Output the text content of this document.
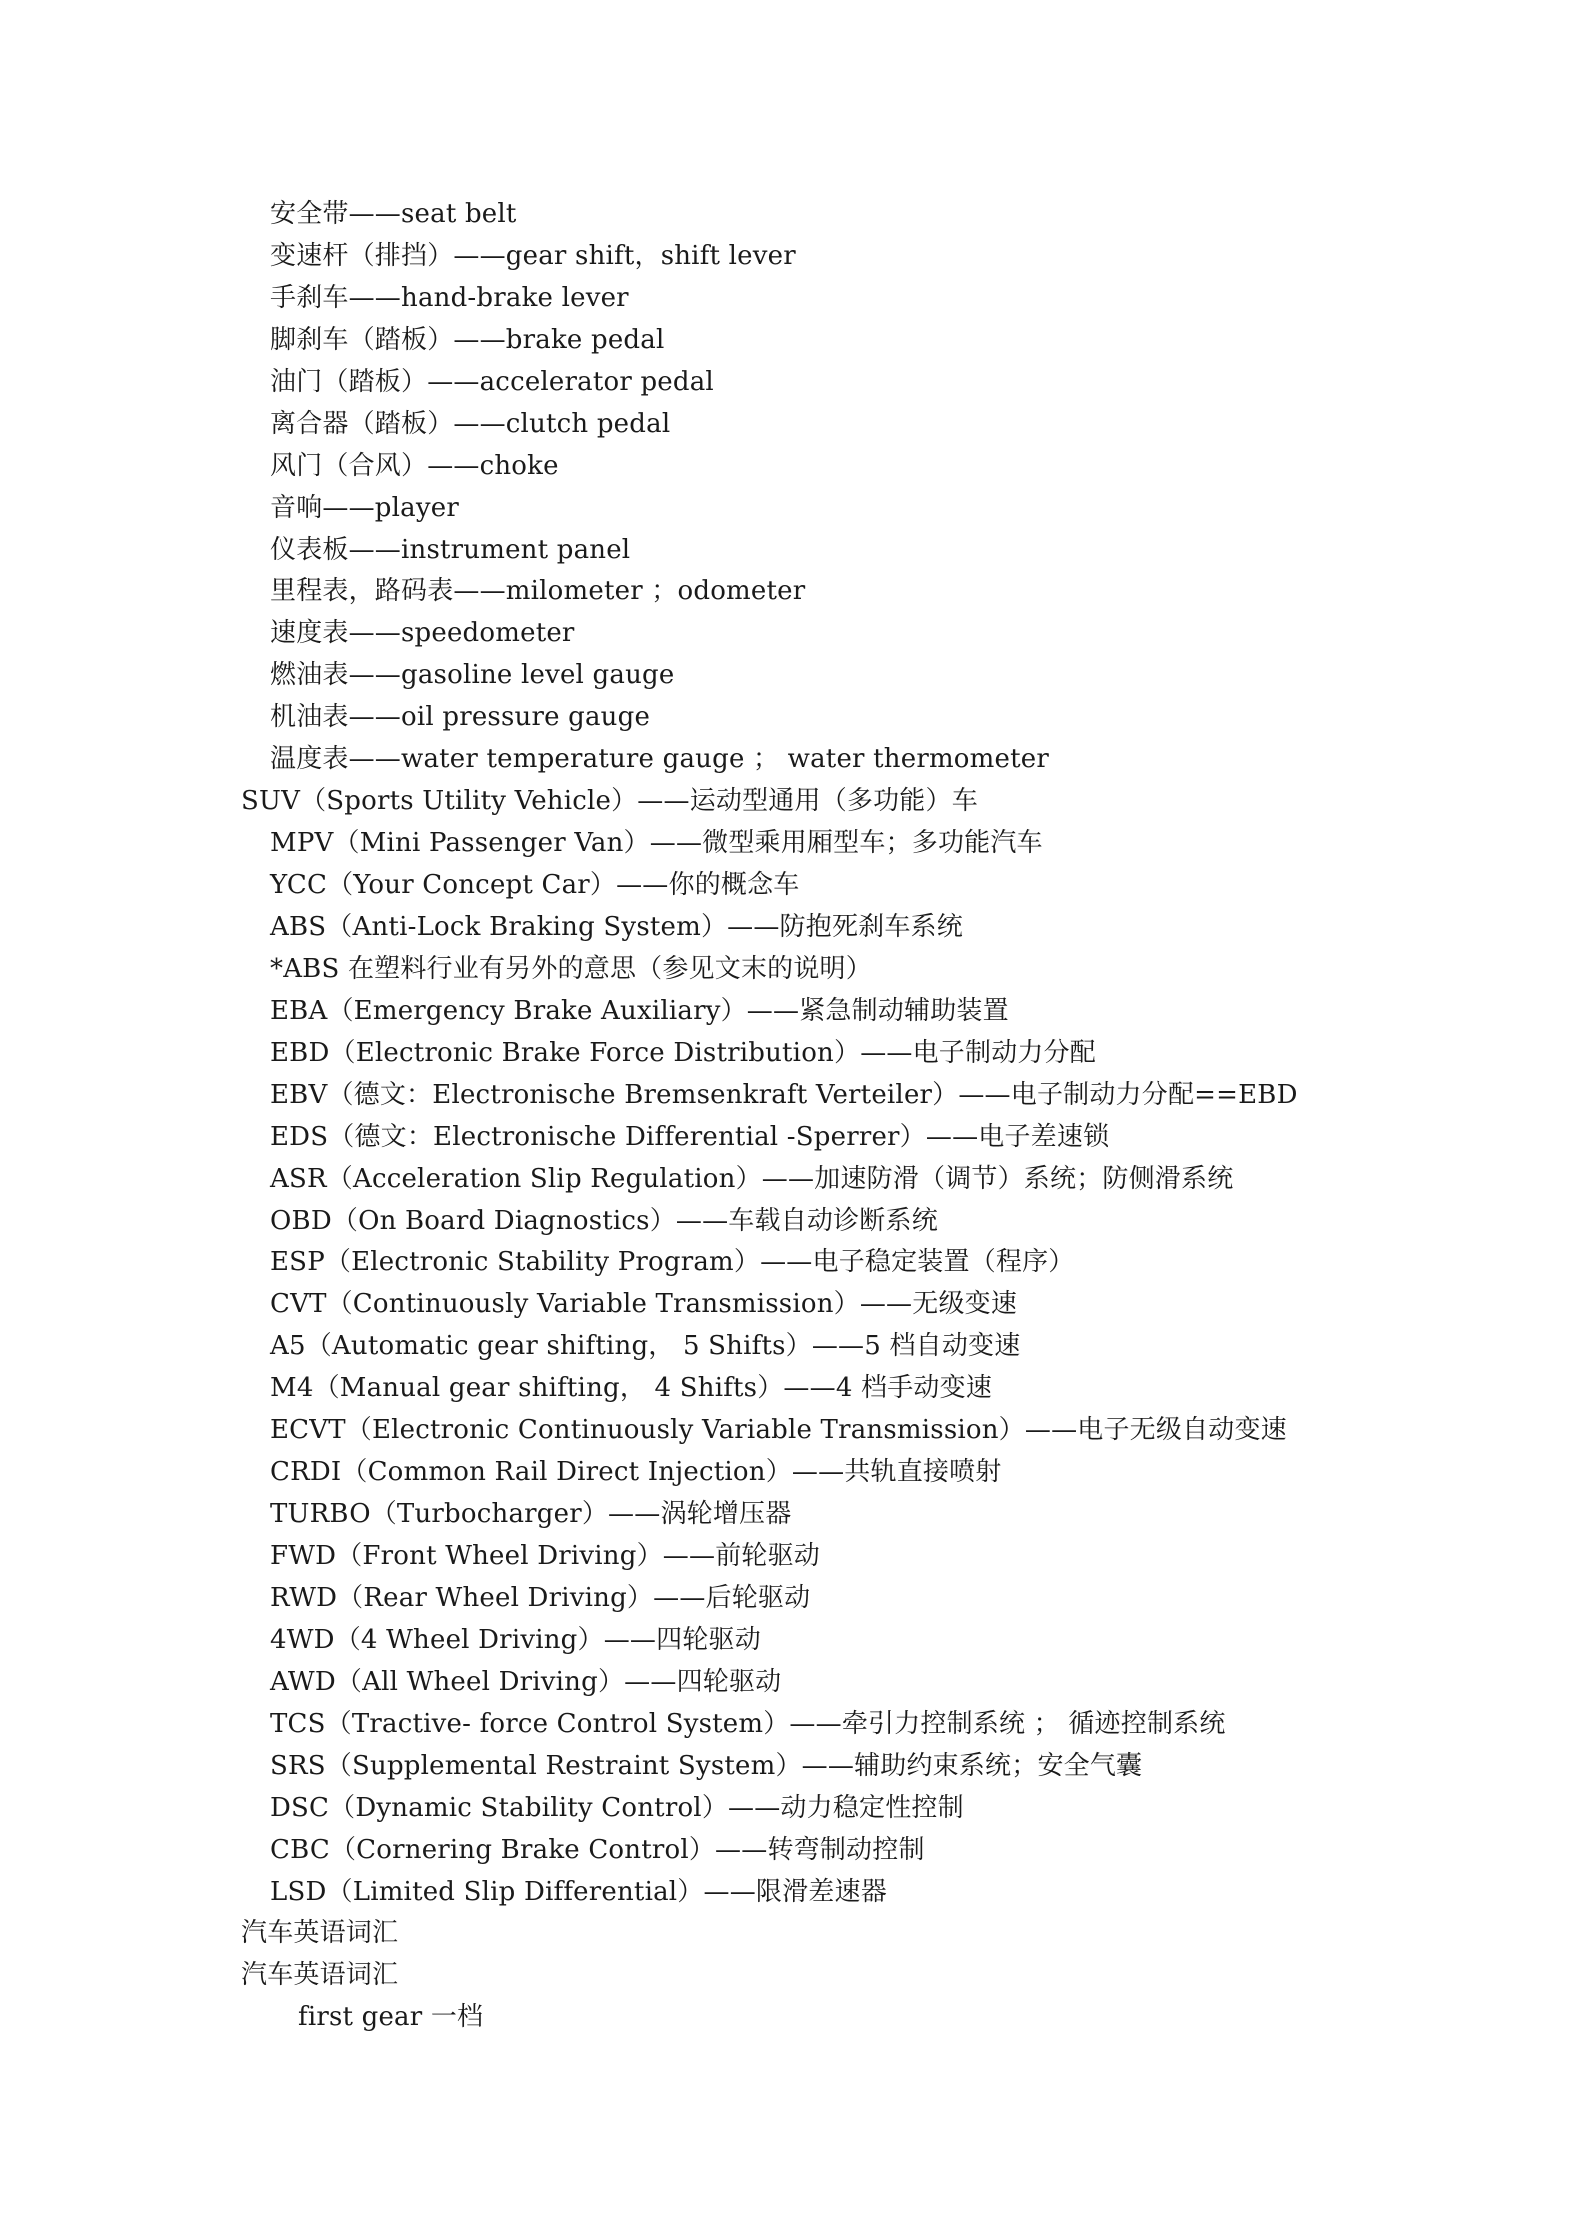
安全带——seat belt
变速杆（排挡）——gear shift，shift lever
手刹车——hand-brake lever
脚刹车（踏板）——brake pedal
油门（踏板）——accelerator pedal
离合器（踏板）——clutch pedal
风门（合风）——choke
音响——player
仪表板——instrument panel
里程表，路码表——milometer ；odometer
速度表——speedometer
燃油表——gasoline level gauge
机油表——oil pressure gauge
温度表——water temperature gauge ； water thermometer
SUV（Sports Utility Vehicle）——运动型通用（多功能）车
MPV（Mini Passenger Van）——微型乘用厢型车；多功能汽车
YCC（Your Concept Car）——你的概念车
ABS（Anti-Lock Braking System）——防抱死刹车系统
*ABS 在塑料行业有另外的意思（参见文末的说明）
EBA（Emergency Brake Auxiliary）——紧急制动辅助装置
EBD（Electronic Brake Force Distribution）——电子制动力分配
EBV（德文：Electronische Bremsenkraft Verteiler）——电子制动力分配==EBD
EDS（德文：Electronische Differential -Sperrer）——电子差速锁
ASR（Acceleration Slip Regulation）——加速防滑（调节）系统；防侧滑系统
OBD（On Board Diagnostics）——车载自动诊断系统
ESP（Electronic Stability Program）——电子稳定装置（程序）
CVT（Continuously Variable Transmission）——无级变速
A5（Automatic gear shifting， 5 Shifts）——5 档自动变速
M4（Manual gear shifting， 4 Shifts）——4 档手动变速
ECVT（Electronic Continuously Variable Transmission）——电子无级自动变速
CRDI（Common Rail Direct Injection）——共轨直接喷射
TURBO（Turbocharger）——涡轮增压器
FWD（Front Wheel Driving）——前轮驱动
RWD（Rear Wheel Driving）——后轮驱动
4WD（4 Wheel Driving）——四轮驱动
AWD（All Wheel Driving）——四轮驱动
TCS（Tractive- force Control System）——牵引力控制系统 ； 循迹控制系统
SRS（Supplemental Restraint System）——辅助约束系统；安全气囊
DSC（Dynamic Stability Control）——动力稳定性控制
CBC（Cornering Brake Control）——转弯制动控制
LSD（Limited Slip Differential）——限滑差速器
汽车英语词汇
汽车英语词汇
first gear 一档
